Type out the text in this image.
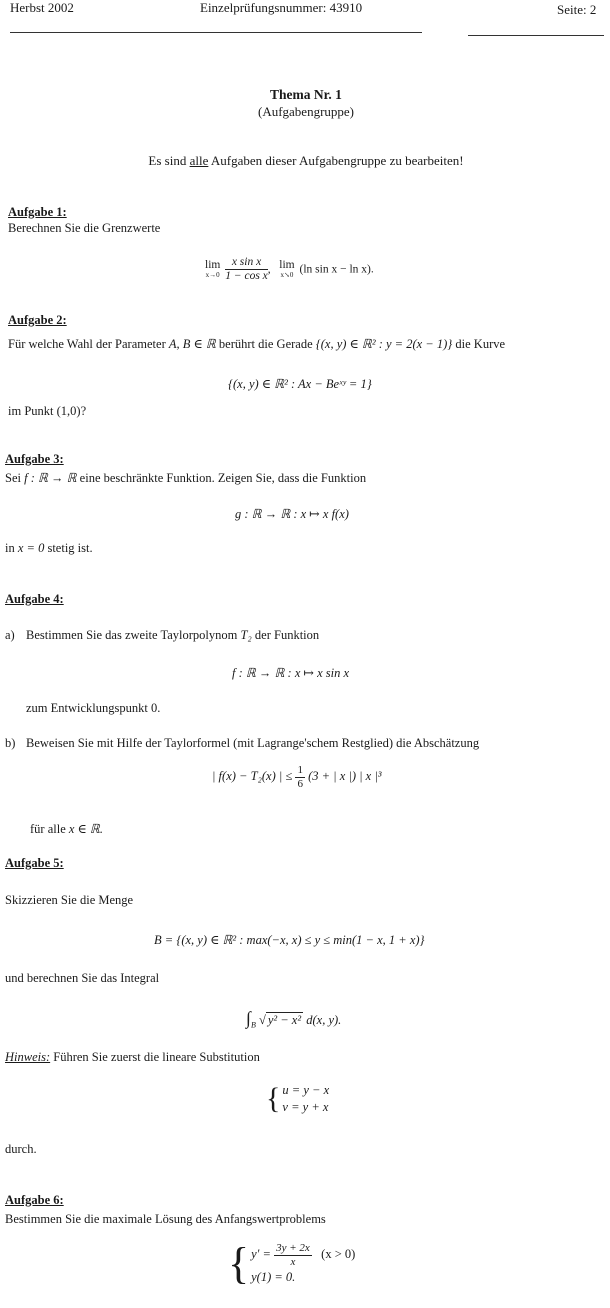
Herbst 2002	Einzelprüfungsnummer: 43910	Seite: 2
Thema Nr. 1
(Aufgabengruppe)
Es sind alle Aufgaben dieser Aufgabengruppe zu bearbeiten!
Aufgabe 1:
Berechnen Sie die Grenzwerte
lim
x→0
$\frac{\text{x sin x}}{\text{1 − cos x}}$ , lim
x↘0 (ln sin x − ln x).
Aufgabe 2:
Für welche Wahl der Parameter A, B ∈ ℝ berührt die Gerade {(x, y) ∈ ℝ² : y = 2(x − 1)} die Kurve
{(x, y) ∈ ℝ² : Ax − Beˣʸ = 1}
im Punkt (1,0)?
Aufgabe 3:
Sei f : ℝ → ℝ eine beschränkte Funktion. Zeigen Sie, dass die Funktion
g : ℝ → ℝ : x ↦ x f(x)
in x = 0 stetig ist.
Aufgabe 4:
a) Bestimmen Sie das zweite Taylorpolynom T₂ der Funktion
f : ℝ → ℝ : x ↦ x sin x
zum Entwicklungspunkt 0.
b) Beweisen Sie mit Hilfe der Taylorformel (mit Lagrange'schem Restglied) die Abschätzung
| f(x) − T₂(x) | ≤ $\frac{1}{6} (3$ + | x |) | x |³
für alle x ∈ ℝ.
Aufgabe 5:
Skizzieren Sie die Menge
B = {(x, y) ∈ ℝ² : max(−x, x) ≤ y ≤ min(1 − x, 1 + x)}
und berechnen Sie das Integral
$\int_B$ √ y² − x² d(x, y).
Hinweis: Führen Sie zuerst die lineare Substitution
{ u = y − x
v = y + x
durch.
Aufgabe 6:
Bestimmen Sie die maximale Lösung des Anfangswertproblems
{ $y' = \frac{3y + 2x}{x} (x > 0)$
y(1) = 0.
